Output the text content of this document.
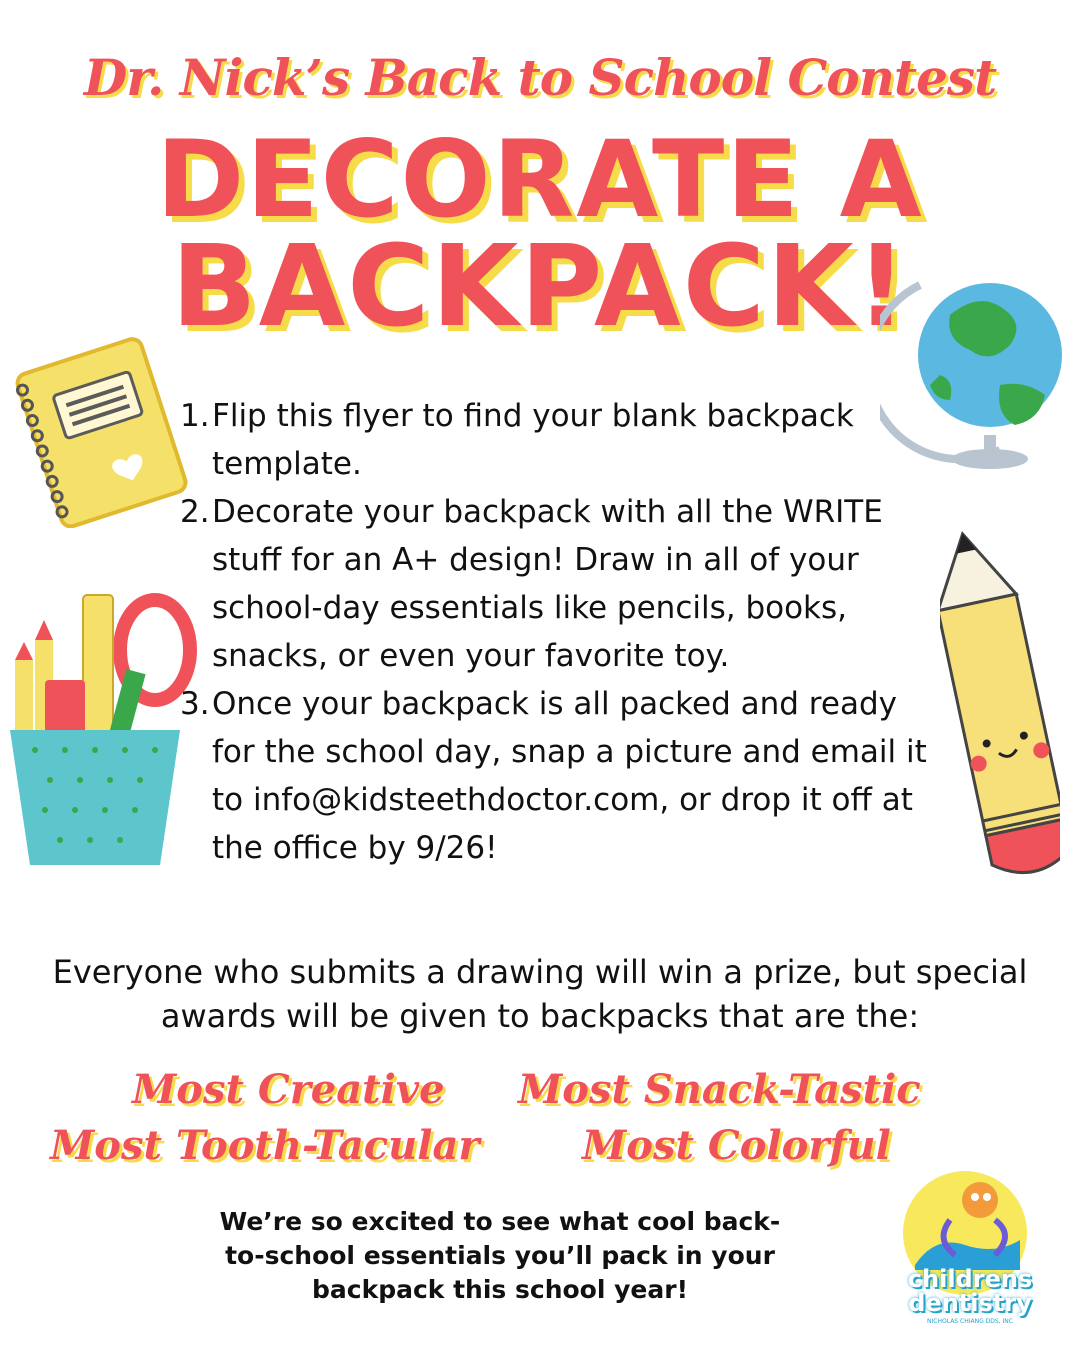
Dr. Nick’s Back to School Contest
DECORATE A
BACKPACK!
1. Flip this flyer to find your blank backpack template.
2. Decorate your backpack with all the WRITE stuff for an A+ design! Draw in all of your school-day essentials like pencils, books, snacks, or even your favorite toy.
3. Once your backpack is all packed and ready for the school day, snap a picture and email it to info@kidsteethdoctor.com, or drop it off at the office by 9/26!
Everyone who submits a drawing will win a prize, but special awards will be given to backpacks that are the:
Most Creative Most Snack-Tastic
Most Tooth-Tacular	Most Colorful
We’re so excited to see what cool back-to-school essentials you’ll pack in your backpack this school year!	childrens
dentistry
NICHOLAS CHIANG DDS, INC
